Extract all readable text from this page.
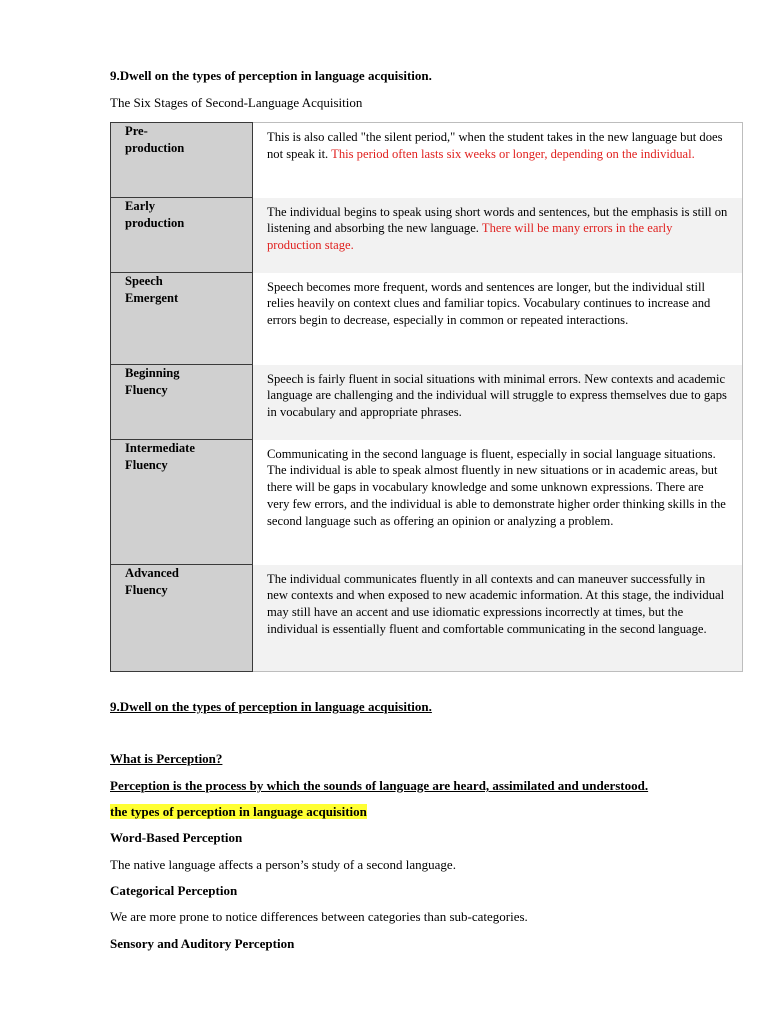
9.Dwell on the types of perception in language acquisition.
The Six Stages of Second-Language Acquisition
Pre-
production	This is also called "the silent period," when the student takes in the new language but does not speak it. This period often lasts six weeks or longer, depending on the individual.
Early
production	The individual begins to speak using short words and sentences, but the emphasis is still on listening and absorbing the new language. There will be many errors in the early production stage.
Speech
Emergent	Speech becomes more frequent, words and sentences are longer, but the individual still relies heavily on context clues and familiar topics. Vocabulary continues to increase and errors begin to decrease, especially in common or repeated interactions.
Beginning
Fluency	Speech is fairly fluent in social situations with minimal errors. New contexts and academic language are challenging and the individual will struggle to express themselves due to gaps in vocabulary and appropriate phrases.
Intermediate
Fluency	Communicating in the second language is fluent, especially in social language situations. The individual is able to speak almost fluently in new situations or in academic areas, but there will be gaps in vocabulary knowledge and some unknown expressions. There are very few errors, and the individual is able to demonstrate higher order thinking skills in the second language such as offering an opinion or analyzing a problem.
Advanced
Fluency	The individual communicates fluently in all contexts and can maneuver successfully in new contexts and when exposed to new academic information. At this stage, the individual may still have an accent and use idiomatic expressions incorrectly at times, but the individual is essentially fluent and comfortable communicating in the second language.
9.Dwell on the types of perception in language acquisition.
What is Perception?
Perception is the process by which the sounds of language are heard, assimilated and understood.
the types of perception in language acquisition
Word-Based Perception
The native language affects a person’s study of a second language.
Categorical Perception
We are more prone to notice differences between categories than sub-categories.
Sensory and Auditory Perception
